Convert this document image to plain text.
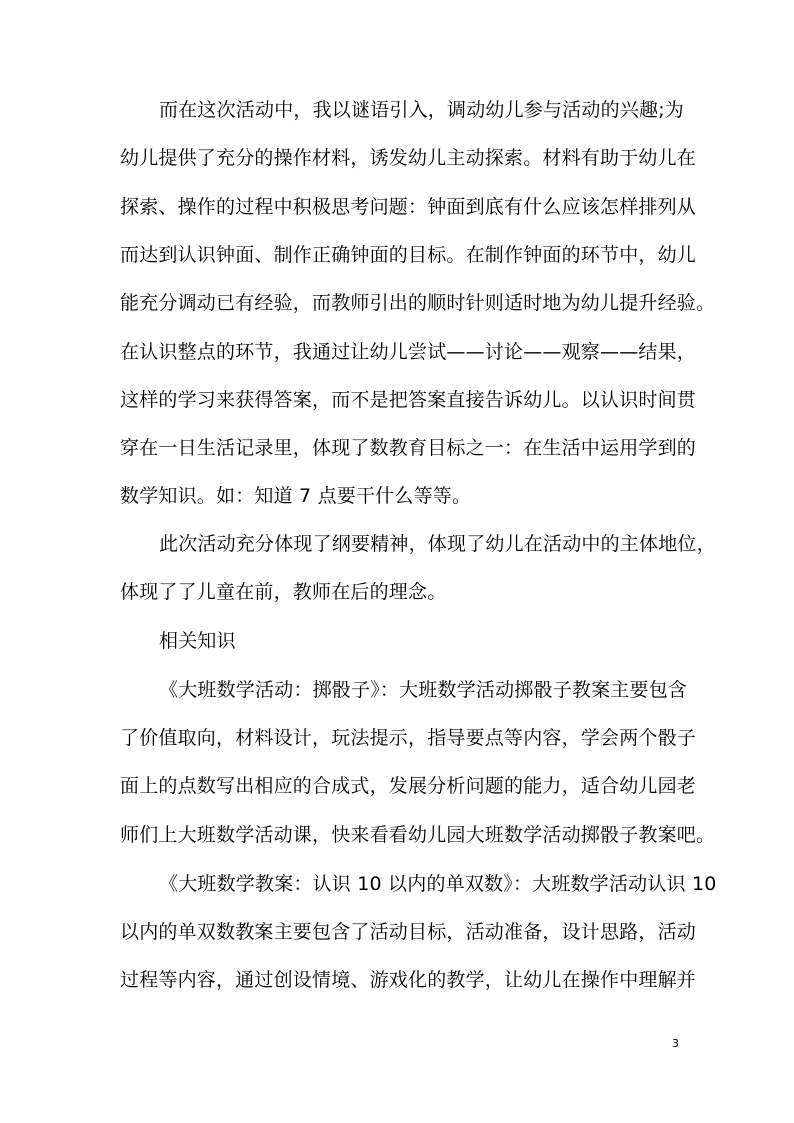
而在这次活动中，我以谜语引入，调动幼儿参与活动的兴趣;为
幼儿提供了充分的操作材料，诱发幼儿主动探索。材料有助于幼儿在
探索、操作的过程中积极思考问题：钟面到底有什么应该怎样排列从
而达到认识钟面、制作正确钟面的目标。在制作钟面的环节中，幼儿
能充分调动已有经验，而教师引出的顺时针则适时地为幼儿提升经验。
在认识整点的环节，我通过让幼儿尝试——讨论——观察——结果，
这样的学习来获得答案，而不是把答案直接告诉幼儿。以认识时间贯
穿在一日生活记录里，体现了数教育目标之一：在生活中运用学到的
数学知识。如：知道 7 点要干什么等等。
此次活动充分体现了纲要精神，体现了幼儿在活动中的主体地位，
体现了了儿童在前，教师在后的理念。
相关知识
《大班数学活动：掷骰子》：大班数学活动掷骰子教案主要包含
了价值取向，材料设计，玩法提示，指导要点等内容，学会两个骰子
面上的点数写出相应的合成式，发展分析问题的能力，适合幼儿园老
师们上大班数学活动课，快来看看幼儿园大班数学活动掷骰子教案吧。
《大班数学教案：认识 10 以内的单双数》：大班数学活动认识 10
以内的单双数教案主要包含了活动目标，活动准备，设计思路，活动
过程等内容，通过创设情境、游戏化的教学，让幼儿在操作中理解并
3
